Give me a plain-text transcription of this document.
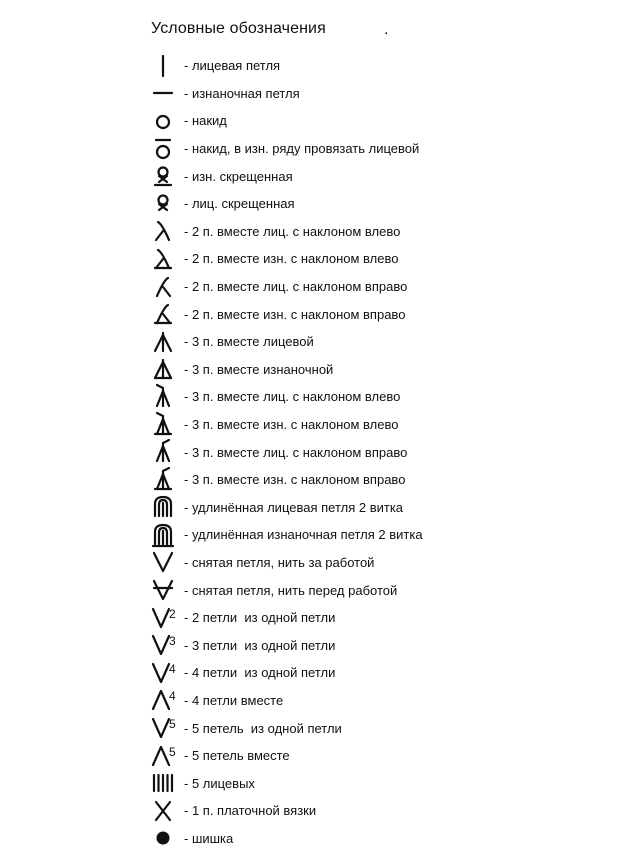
Условные обозначения	.
- лицевая петля
- изнаночная петля
- накид
- накид, в изн. ряду провязать лицевой
- изн. скрещенная
- лиц. скрещенная
- 2 п. вместе лиц. с наклоном влево
- 2 п. вместе изн. с наклоном влево
- 2 п. вместе лиц. с наклоном вправо
- 2 п. вместе изн. с наклоном вправо
- 3 п. вместе лицевой
- 3 п. вместе изнаночной
- 3 п. вместе лиц. с наклоном влево
- 3 п. вместе изн. с наклоном влево
- 3 п. вместе лиц. с наклоном вправо
- 3 п. вместе изн. с наклоном вправо
- удлинённая лицевая петля 2 витка
- удлинённая изнаночная петля 2 витка
- снятая петля, нить за работой
- снятая петля, нить перед работой
2 - 2 петли  из одной петли
3 - 3 петли  из одной петли
4 - 4 петли  из одной петли
4 - 4 петли вместе
5 - 5 петель  из одной петли
5 - 5 петель вместе
- 5 лицевых
- 1 п. платочной вязки
- шишка
